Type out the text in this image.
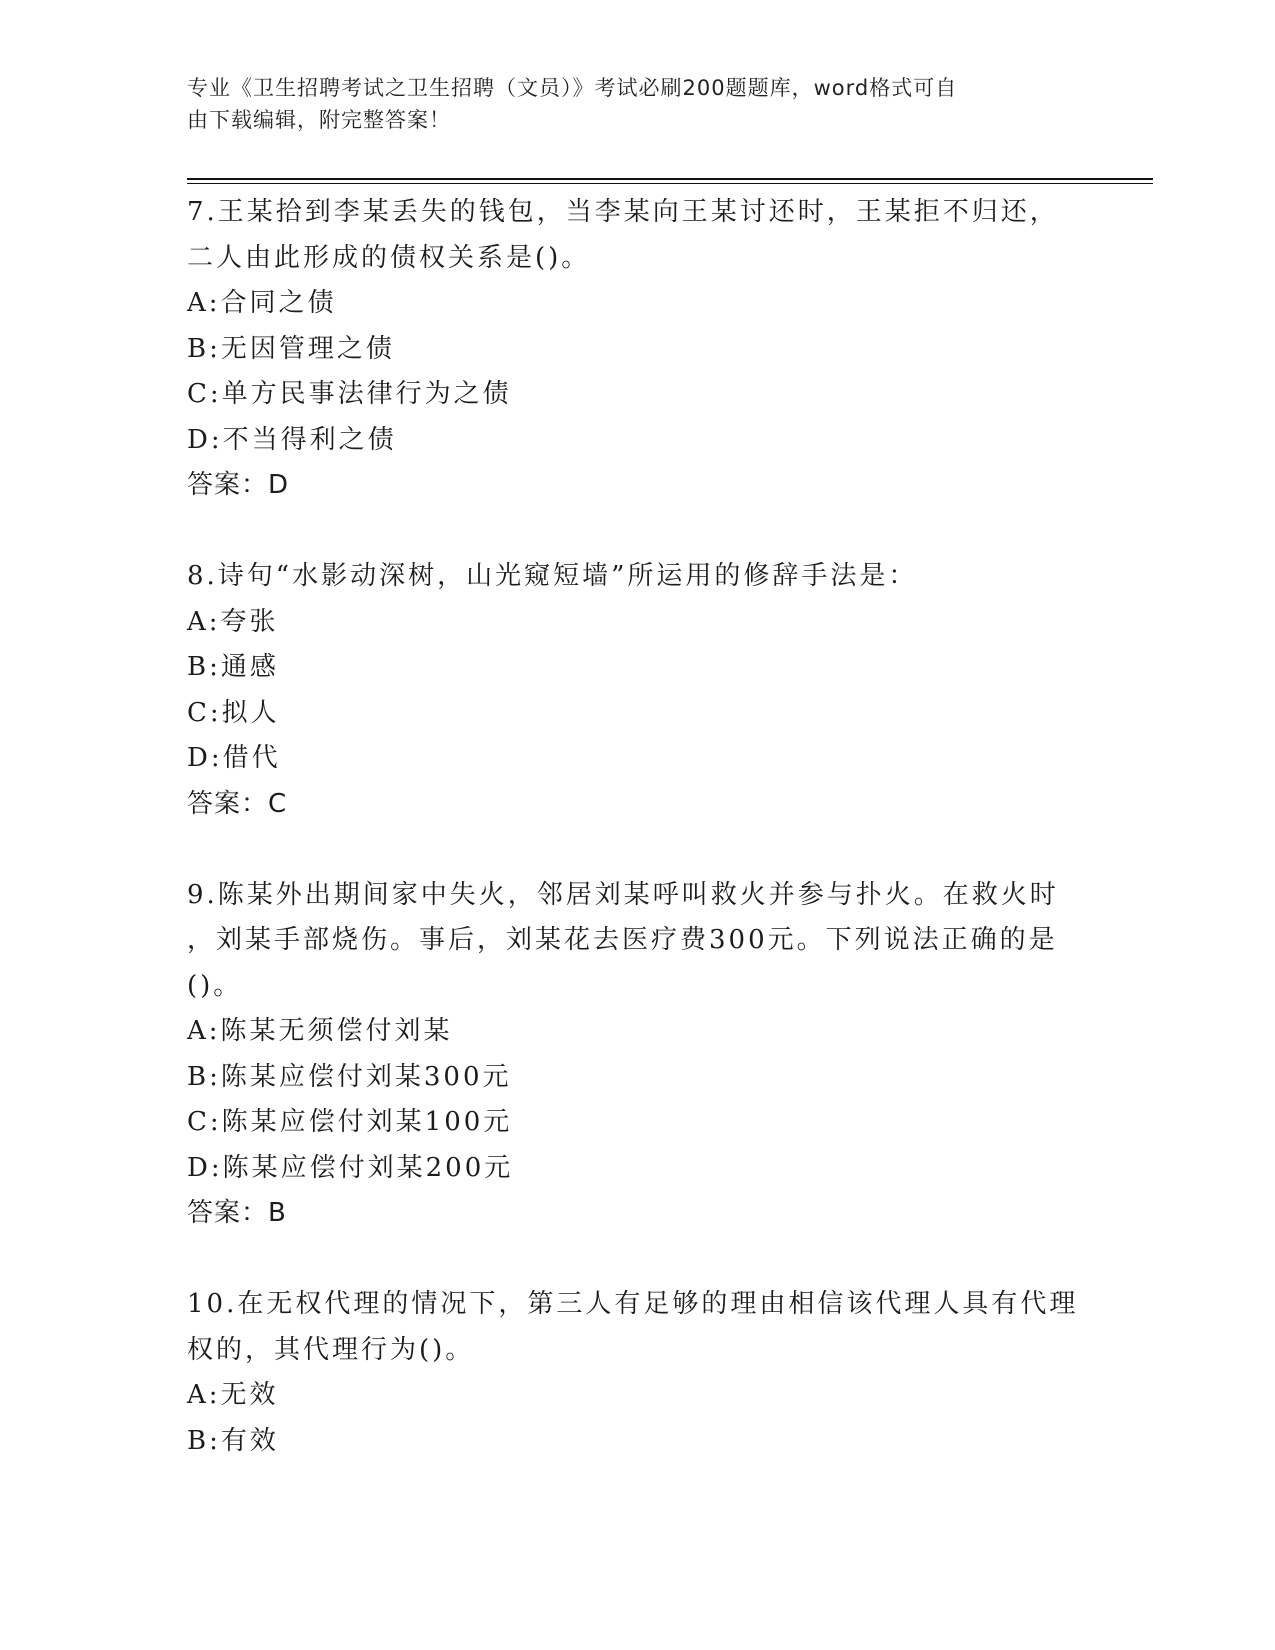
专业《卫生招聘考试之卫生招聘（文员）》考试必刷200题题库，word格式可自
由下载编辑，附完整答案！
7.王某拾到李某丢失的钱包，当李某向王某讨还时，王某拒不归还，
二人由此形成的债权关系是()。
A:合同之债
B:无因管理之债
C:单方民事法律行为之债
D:不当得利之债
答案：D
8.诗句“水影动深树，山光窥短墙”所运用的修辞手法是：
A:夸张
B:通感
C:拟人
D:借代
答案：C
9.陈某外出期间家中失火，邻居刘某呼叫救火并参与扑火。在救火时
，刘某手部烧伤。事后，刘某花去医疗费300元。下列说法正确的是
()。
A:陈某无须偿付刘某
B:陈某应偿付刘某300元
C:陈某应偿付刘某100元
D:陈某应偿付刘某200元
答案：B
10.在无权代理的情况下，第三人有足够的理由相信该代理人具有代理
权的，其代理行为()。
A:无效
B:有效
